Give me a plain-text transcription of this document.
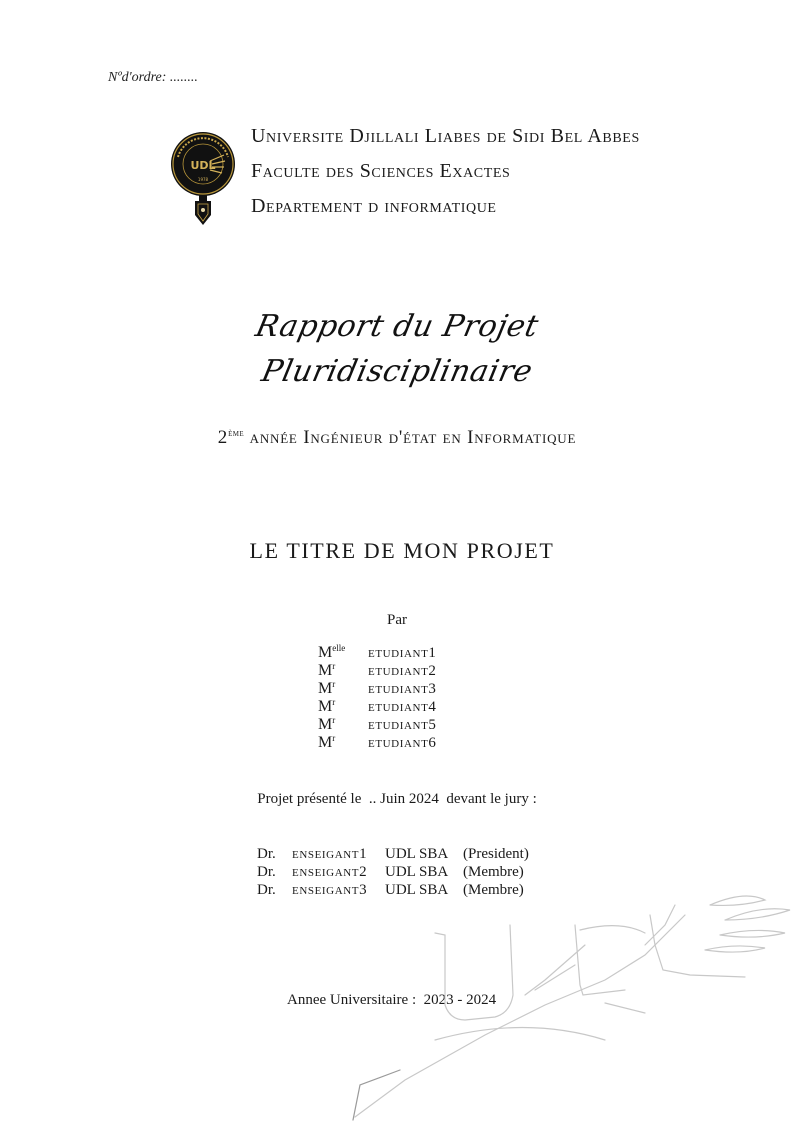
Nºd'ordre: ........
UDL
1978
Universite Djillali Liabes de Sidi Bel Abbes
Faculte des Sciences Exactes
Departement d informatique
Rapport du Projet
Pluridisciplinaire
2ème année Ingénieur d'état en Informatique
LE TITRE DE MON PROJET
Par
$M^{elle}$	etudiant1
$M^r$	etudiant2
$M^r$	etudiant3
$M^r$	etudiant4
$M^r$	etudiant5
$M^r$	etudiant6
Projet présenté le  .. Juin 2024  devant le jury :
Dr.	enseigant1	UDL SBA (President)
Dr.	enseigant2	UDL SBA (Membre)
Dr.	enseigant3	UDL SBA (Membre)
Annee Universitaire :  2023 - 2024
